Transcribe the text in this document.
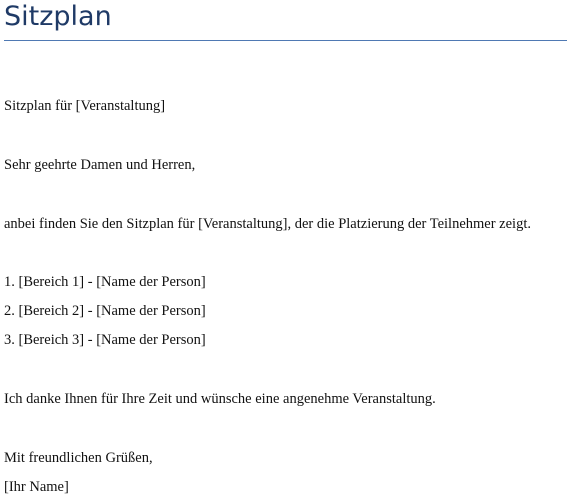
Sitzplan

Sitzplan für [Veranstaltung]

Sehr geehrte Damen und Herren,

anbei finden Sie den Sitzplan für [Veranstaltung], der die Platzierung der Teilnehmer zeigt.

1. [Bereich 1] - [Name der Person]

2. [Bereich 2] - [Name der Person]

3. [Bereich 3] - [Name der Person]

Ich danke Ihnen für Ihre Zeit und wünsche eine angenehme Veranstaltung.

Mit freundlichen Grüßen,

[Ihr Name]
